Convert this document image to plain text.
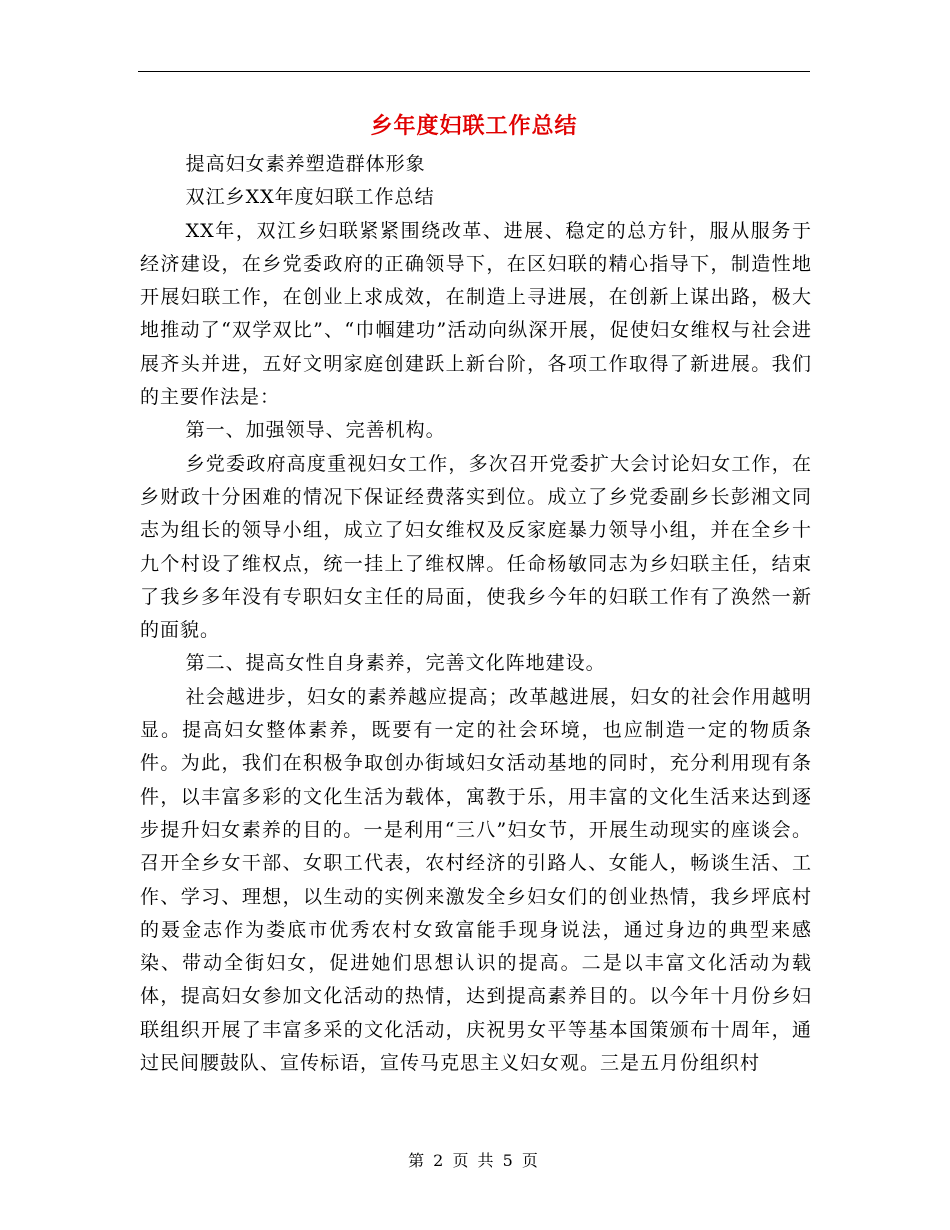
乡年度妇联工作总结

提高妇女素养塑造群体形象

双江乡XX年度妇联工作总结

XX年，双江乡妇联紧紧围绕改革、进展、稳定的总方针，服从服务于经济建设，在乡党委政府的正确领导下，在区妇联的精心指导下，制造性地开展妇联工作，在创业上求成效，在制造上寻进展，在创新上谋出路，极大地推动了“双学双比”、“巾帼建功”活动向纵深开展，促使妇女维权与社会进展齐头并进，五好文明家庭创建跃上新台阶，各项工作取得了新进展。我们的主要作法是：

第一、加强领导、完善机构。

乡党委政府高度重视妇女工作，多次召开党委扩大会讨论妇女工作，在乡财政十分困难的情况下保证经费落实到位。成立了乡党委副乡长彭湘文同志为组长的领导小组，成立了妇女维权及反家庭暴力领导小组，并在全乡十九个村设了维权点，统一挂上了维权牌。任命杨敏同志为乡妇联主任，结束了我乡多年没有专职妇女主任的局面，使我乡今年的妇联工作有了涣然一新的面貌。

第二、提高女性自身素养，完善文化阵地建设。

社会越进步，妇女的素养越应提高；改革越进展，妇女的社会作用越明显。提高妇女整体素养，既要有一定的社会环境，也应制造一定的物质条件。为此，我们在积极争取创办街域妇女活动基地的同时，充分利用现有条件，以丰富多彩的文化生活为载体，寓教于乐，用丰富的文化生活来达到逐步提升妇女素养的目的。一是利用“三八”妇女节，开展生动现实的座谈会。召开全乡女干部、女职工代表，农村经济的引路人、女能人，畅谈生活、工作、学习、理想，以生动的实例来激发全乡妇女们的创业热情，我乡坪底村的聂金志作为娄底市优秀农村女致富能手现身说法，通过身边的典型来感染、带动全街妇女，促进她们思想认识的提高。二是以丰富文化活动为载体，提高妇女参加文化活动的热情，达到提高素养目的。以今年十月份乡妇联组织开展了丰富多采的文化活动，庆祝男女平等基本国策颁布十周年，通过民间腰鼓队、宣传标语，宣传马克思主义妇女观。三是五月份组织村

第 2 页 共 5 页
